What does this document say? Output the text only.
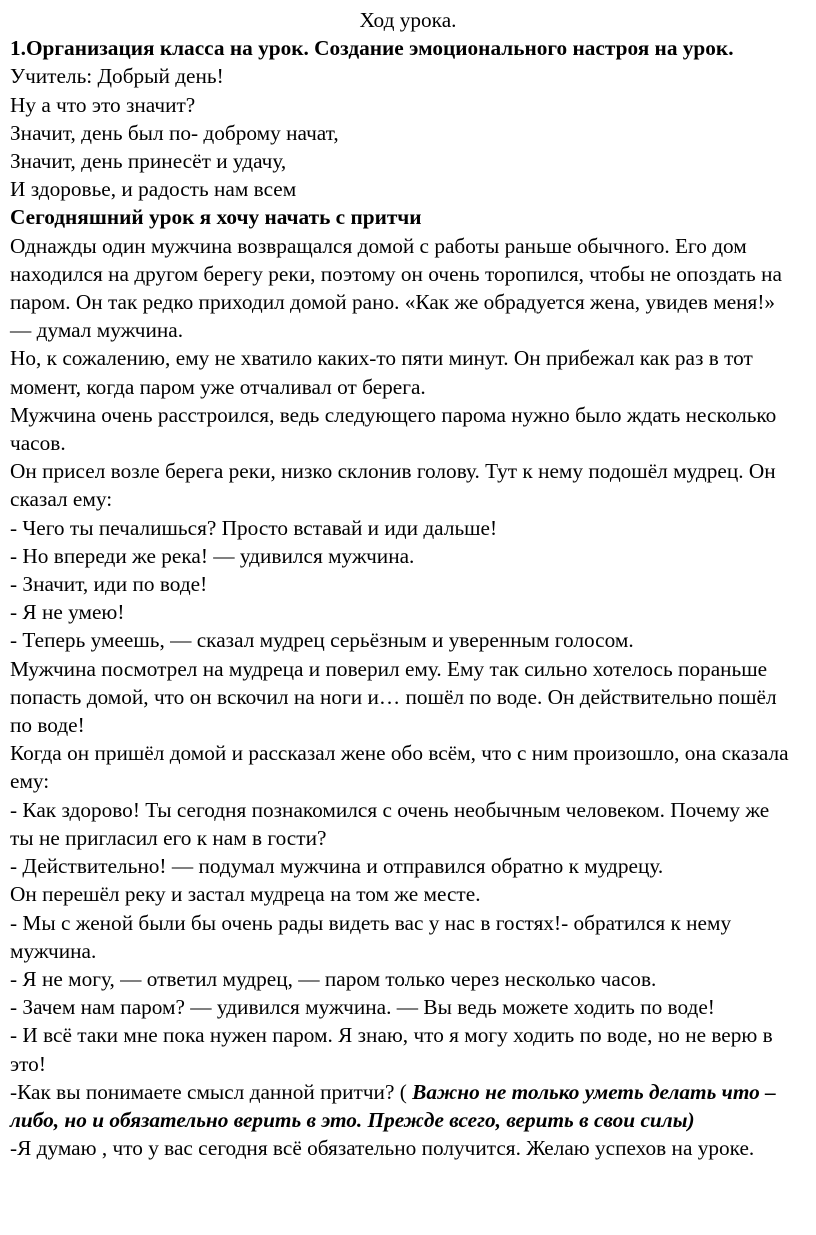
Ход урока.

1.Организация класса на урок. Создание эмоционального настроя на урок.

Учитель: Добрый день!

Ну а что это значит?

Значит, день был по- доброму начат,

Значит, день принесёт и удачу,

И здоровье, и радость нам всем

Сегодняшний урок я хочу начать с притчи

Однажды один мужчина возвращался домой с работы раньше обычного. Его дом находился на другом берегу реки, поэтому он очень торопился, чтобы не опоздать на паром. Он так редко приходил домой рано. «Как же обрадуется жена, увидев меня!» — думал мужчина.

Но, к сожалению, ему не хватило каких-то пяти минут. Он прибежал как раз в тот момент, когда паром уже отчаливал от берега.

Мужчина очень расстроился, ведь следующего парома нужно было ждать несколько часов.

Он присел возле берега реки, низко склонив голову. Тут к нему подошёл мудрец. Он сказал ему:

- Чего ты печалишься? Просто вставай и иди дальше!

- Но впереди же река! — удивился мужчина.

- Значит, иди по воде!

- Я не умею!

- Теперь умеешь, — сказал мудрец серьёзным и уверенным голосом.

Мужчина посмотрел на мудреца и поверил ему. Ему так сильно хотелось пораньше попасть домой, что он вскочил на ноги и… пошёл по воде. Он действительно пошёл по воде!

Когда он пришёл домой и рассказал жене обо всём, что с ним произошло, она сказала ему:

- Как здорово! Ты сегодня познакомился с очень необычным человеком. Почему же ты не пригласил его к нам в гости?

- Действительно! — подумал мужчина и отправился обратно к мудрецу.

Он перешёл реку и застал мудреца на том же месте.

- Мы с женой были бы очень рады видеть вас у нас в гостях!- обратился к нему мужчина.

- Я не могу, — ответил мудрец, — паром только через несколько часов.

- Зачем нам паром? — удивился мужчина. — Вы ведь можете ходить по воде!

- И всё таки мне пока нужен паром. Я знаю, что я могу ходить по воде, но не верю в это!

-Как вы понимаете смысл данной притчи? ( Важно не только уметь делать что – либо, но и обязательно верить в это. Прежде всего, верить в свои силы)

-Я думаю , что у вас сегодня всё обязательно получится. Желаю успехов на уроке.
